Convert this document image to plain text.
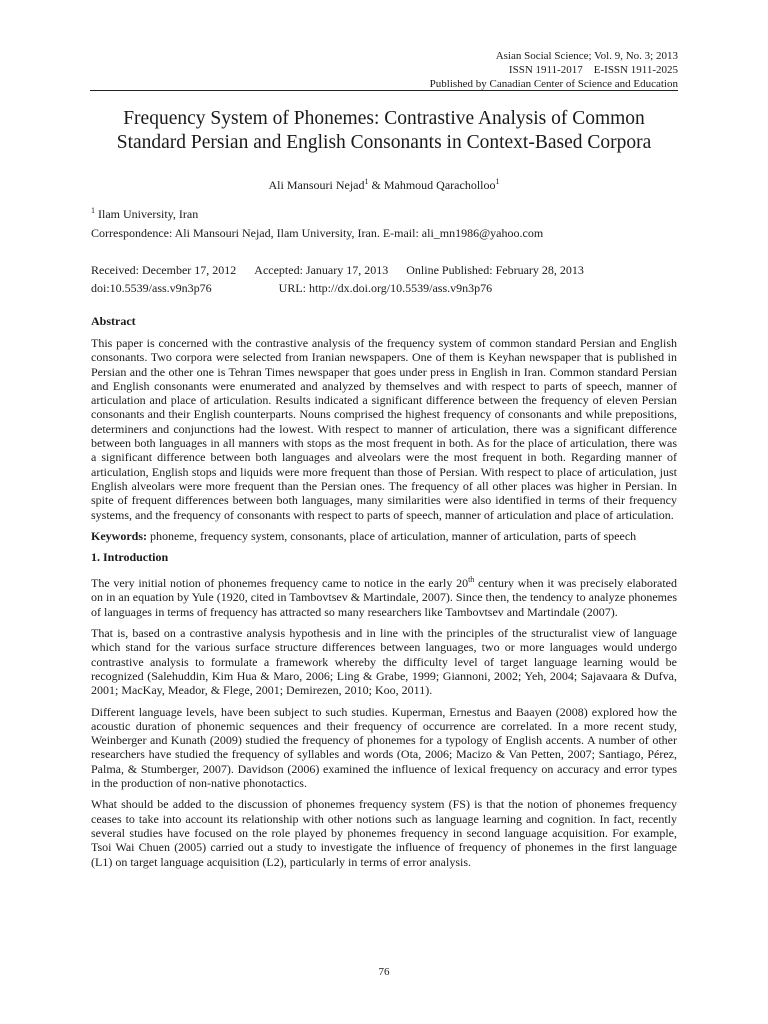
Asian Social Science; Vol. 9, No. 3; 2013
ISSN 1911-2017    E-ISSN 1911-2025
Published by Canadian Center of Science and Education
Frequency System of Phonemes: Contrastive Analysis of Common
Standard Persian and English Consonants in Context-Based Corpora
Ali Mansouri Nejad$^1$ & Mahmoud Qaracholloo$^1$
$^1$ Ilam University, Iran
Correspondence: Ali Mansouri Nejad, Ilam University, Iran. E-mail: ali_mn1986@yahoo.com
Received: December 17, 2012 Accepted: January 17, 2013 Online Published: February 28, 2013
doi:10.5539/ass.v9n3p76	URL: http://dx.doi.org/10.5539/ass.v9n3p76
Abstract

This paper is concerned with the contrastive analysis of the frequency system of common standard Persian and English consonants. Two corpora were selected from Iranian newspapers. One of them is Keyhan newspaper that is published in Persian and the other one is Tehran Times newspaper that goes under press in English in Iran. Common standard Persian and English consonants were enumerated and analyzed by themselves and with respect to parts of speech, manner of articulation and place of articulation. Results indicated a significant difference between the frequency of eleven Persian consonants and their English counterparts. Nouns comprised the highest frequency of consonants and while prepositions, determiners and conjunctions had the lowest. With respect to manner of articulation, there was a significant difference between both languages in all manners with stops as the most frequent in both. As for the place of articulation, there was a significant difference between both languages and alveolars were the most frequent in both. Regarding manner of articulation, English stops and liquids were more frequent than those of Persian. With respect to place of articulation, just English alveolars were more frequent than the Persian ones. The frequency of all other places was higher in Persian. In spite of frequent differences between both languages, many similarities were also identified in terms of their frequency systems, and the frequency of consonants with respect to parts of speech, manner of articulation and place of articulation.

Keywords: phoneme, frequency system, consonants, place of articulation, manner of articulation, parts of speech

1. Introduction

The very initial notion of phonemes frequency came to notice in the early 20th century when it was precisely elaborated on in an equation by Yule (1920, cited in Tambovtsev & Martindale, 2007). Since then, the tendency to analyze phonemes of languages in terms of frequency has attracted so many researchers like Tambovtsev and Martindale (2007).

That is, based on a contrastive analysis hypothesis and in line with the principles of the structuralist view of language which stand for the various surface structure differences between languages, two or more languages would undergo contrastive analysis to formulate a framework whereby the difficulty level of target language learning would be recognized (Salehuddin, Kim Hua & Maro, 2006; Ling & Grabe, 1999; Giannoni, 2002; Yeh, 2004; Sajavaara & Dufva, 2001; MacKay, Meador, & Flege, 2001; Demirezen, 2010; Koo, 2011).

Different language levels, have been subject to such studies. Kuperman, Ernestus and Baayen (2008) explored how the acoustic duration of phonemic sequences and their frequency of occurrence are correlated. In a more recent study, Weinberger and Kunath (2009) studied the frequency of phonemes for a typology of English accents. A number of other researchers have studied the frequency of syllables and words (Ota, 2006; Macizo & Van Petten, 2007; Santiago, Pérez, Palma, & Stumberger, 2007). Davidson (2006) examined the influence of lexical frequency on accuracy and error types in the production of non-native phonotactics.

What should be added to the discussion of phonemes frequency system (FS) is that the notion of phonemes frequency ceases to take into account its relationship with other notions such as language learning and cognition. In fact, recently several studies have focused on the role played by phonemes frequency in second language acquisition. For example, Tsoi Wai Chuen (2005) carried out a study to investigate the influence of frequency of phonemes in the first language (L1) on target language acquisition (L2), particularly in terms of error analysis.

76
